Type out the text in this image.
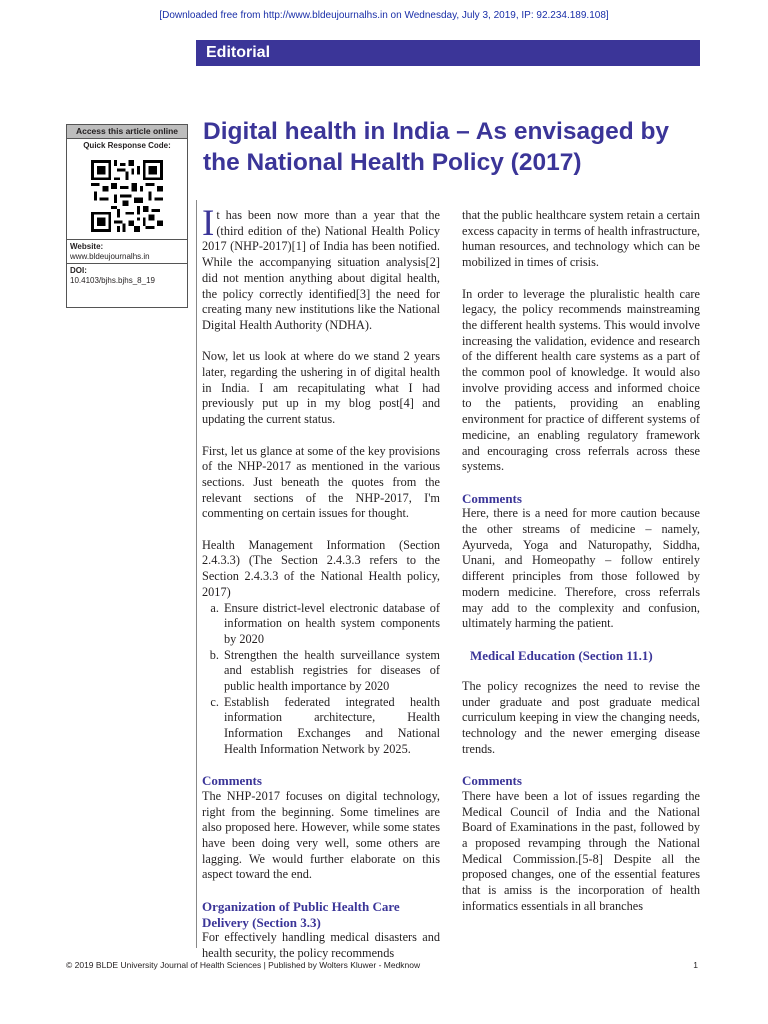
[Downloaded free from http://www.bldeujournalhs.in on Wednesday, July 3, 2019, IP: 92.234.189.108]
Editorial
Access this article online
Quick Response Code:
Website:
www.bldeujournalhs.in
DOI:
10.4103/bjhs.bjhs_8_19
Digital health in India – As envisaged by the National Health Policy (2017)

It has been now more than a year that the (third edition of the) National Health Policy 2017 (NHP-2017)[1] of India has been notified. While the accompanying situation analysis[2] did not mention anything about digital health, the policy correctly identified[3] the need for creating many new institutions like the National Digital Health Authority (NDHA).

Now, let us look at where do we stand 2 years later, regarding the ushering in of digital health in India. I am recapitulating what I had previously put up in my blog post[4] and updating the current status.

First, let us glance at some of the key provisions of the NHP-2017 as mentioned in the various sections. Just beneath the quotes from the relevant sections of the NHP-2017, I'm commenting on certain issues for thought.

Health Management Information (Section 2.4.3.3) (The Section 2.4.3.3 refers to the Section 2.4.3.3 of the National Health policy, 2017)

a. Ensure district-level electronic database of information on health system components by 2020
b. Strengthen the health surveillance system and establish registries for diseases of public health importance by 2020
c. Establish federated integrated health information architecture, Health Information Exchanges and National Health Information Network by 2025.

Comments

The NHP-2017 focuses on digital technology, right from the beginning. Some timelines are also proposed here. However, while some states have been doing very well, some others are lagging. We would further elaborate on this aspect toward the end.

Organization of Public Health Care Delivery (Section 3.3)

For effectively handling medical disasters and health security, the policy recommends

that the public healthcare system retain a certain excess capacity in terms of health infrastructure, human resources, and technology which can be mobilized in times of crisis.

In order to leverage the pluralistic health care legacy, the policy recommends mainstreaming the different health systems. This would involve increasing the validation, evidence and research of the different health care systems as a part of the common pool of knowledge. It would also involve providing access and informed choice to the patients, providing an enabling environment for practice of different systems of medicine, an enabling regulatory framework and encouraging cross referrals across these systems.

Comments

Here, there is a need for more caution because the other streams of medicine – namely, Ayurveda, Yoga and Naturopathy, Siddha, Unani, and Homeopathy – follow entirely different principles from those followed by modern medicine. Therefore, cross referrals may add to the complexity and confusion, ultimately harming the patient.

Medical Education (Section 11.1)

The policy recognizes the need to revise the under graduate and post graduate medical curriculum keeping in view the changing needs, technology and the newer emerging disease trends.

Comments

There have been a lot of issues regarding the Medical Council of India and the National Board of Examinations in the past, followed by a proposed revamping through the National Medical Commission.[5-8] Despite all the proposed changes, one of the essential features that is amiss is the incorporation of health informatics essentials in all branches

© 2019 BLDE University Journal of Health Sciences | Published by Wolters Kluwer - Medknow	1
